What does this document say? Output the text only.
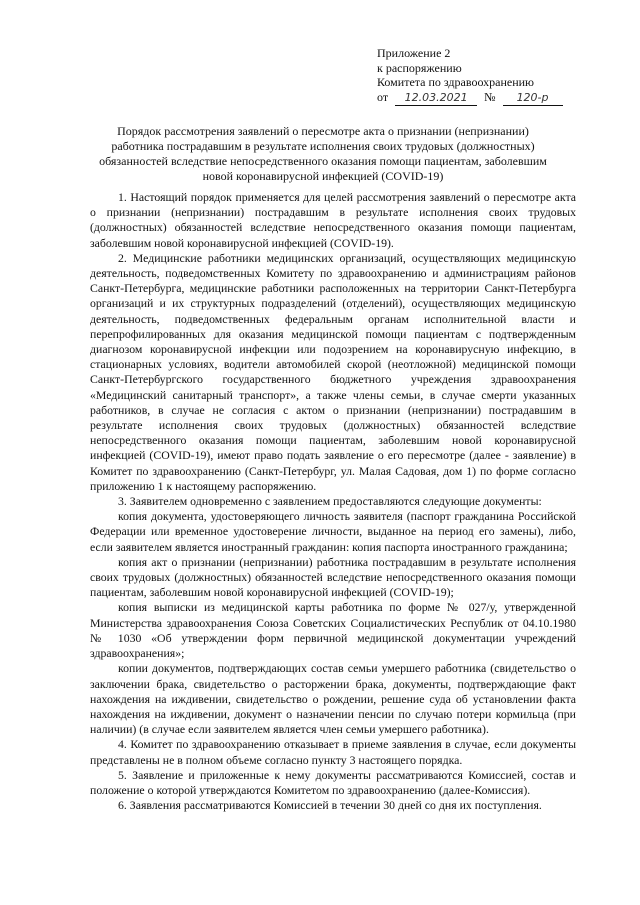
Приложение 2
к распоряжению
Комитета по здравоохранению
от 12.03.2021 № 120-р
Порядок рассмотрения заявлений о пересмотре акта о признании (непризнании) работника пострадавшим в результате исполнения своих трудовых (должностных) обязанностей вследствие непосредственного оказания помощи пациентам, заболевшим новой коронавирусной инфекцией (COVID-19)

1. Настоящий порядок применяется для целей рассмотрения заявлений о пересмотре акта о признании (непризнании) пострадавшим в результате исполнения своих трудовых (должностных) обязанностей вследствие непосредственного оказания помощи пациентам, заболевшим новой коронавирусной инфекцией (COVID-19).

2. Медицинские работники медицинских организаций, осуществляющих медицинскую деятельность, подведомственных Комитету по здравоохранению и администрациям районов Санкт-Петербурга, медицинские работники расположенных на территории Санкт-Петербурга организаций и их структурных подразделений (отделений), осуществляющих медицинскую деятельность, подведомственных федеральным органам исполнительной власти и перепрофилированных для оказания медицинской помощи пациентам с подтвержденным диагнозом коронавирусной инфекции или подозрением на коронавирусную инфекцию, в стационарных условиях, водители автомобилей скорой (неотложной) медицинской помощи Санкт-Петербургского государственного бюджетного учреждения здравоохранения «Медицинский санитарный транспорт», а также члены семьи, в случае смерти указанных работников, в случае не согласия с актом о признании (непризнании) пострадавшим в результате исполнения своих трудовых (должностных) обязанностей вследствие непосредственного оказания помощи пациентам, заболевшим новой коронавирусной инфекцией (COVID-19), имеют право подать заявление о его пересмотре (далее - заявление) в Комитет по здравоохранению (Санкт-Петербург, ул. Малая Садовая, дом 1) по форме согласно приложению 1 к настоящему распоряжению.

3. Заявителем одновременно с заявлением предоставляются следующие документы:

копия документа, удостоверяющего личность заявителя (паспорт гражданина Российской Федерации или временное удостоверение личности, выданное на период его замены), либо, если заявителем является иностранный гражданин: копия паспорта иностранного гражданина;

копия акт о признании (непризнании) работника пострадавшим в результате исполнения своих трудовых (должностных) обязанностей вследствие непосредственного оказания помощи пациентам, заболевшим новой коронавирусной инфекцией (COVID-19);

копия выписки из медицинской карты работника по форме № 027/у, утвержденной Министерства здравоохранения Союза Советских Социалистических Республик от 04.10.1980 № 1030 «Об утверждении форм первичной медицинской документации учреждений здравоохранения»;

копии документов, подтверждающих состав семьи умершего работника (свидетельство о заключении брака, свидетельство о расторжении брака, документы, подтверждающие факт нахождения на иждивении, свидетельство о рождении, решение суда об установлении факта нахождения на иждивении, документ о назначении пенсии по случаю потери кормильца (при наличии) (в случае если заявителем является член семьи умершего работника).

4. Комитет по здравоохранению отказывает в приеме заявления в случае, если документы представлены не в полном объеме согласно пункту 3 настоящего порядка.

5. Заявление и приложенные к нему документы рассматриваются Комиссией, состав и положение о которой утверждаются Комитетом по здравоохранению (далее-Комиссия).

6. Заявления рассматриваются Комиссией в течении 30 дней со дня их поступления.
